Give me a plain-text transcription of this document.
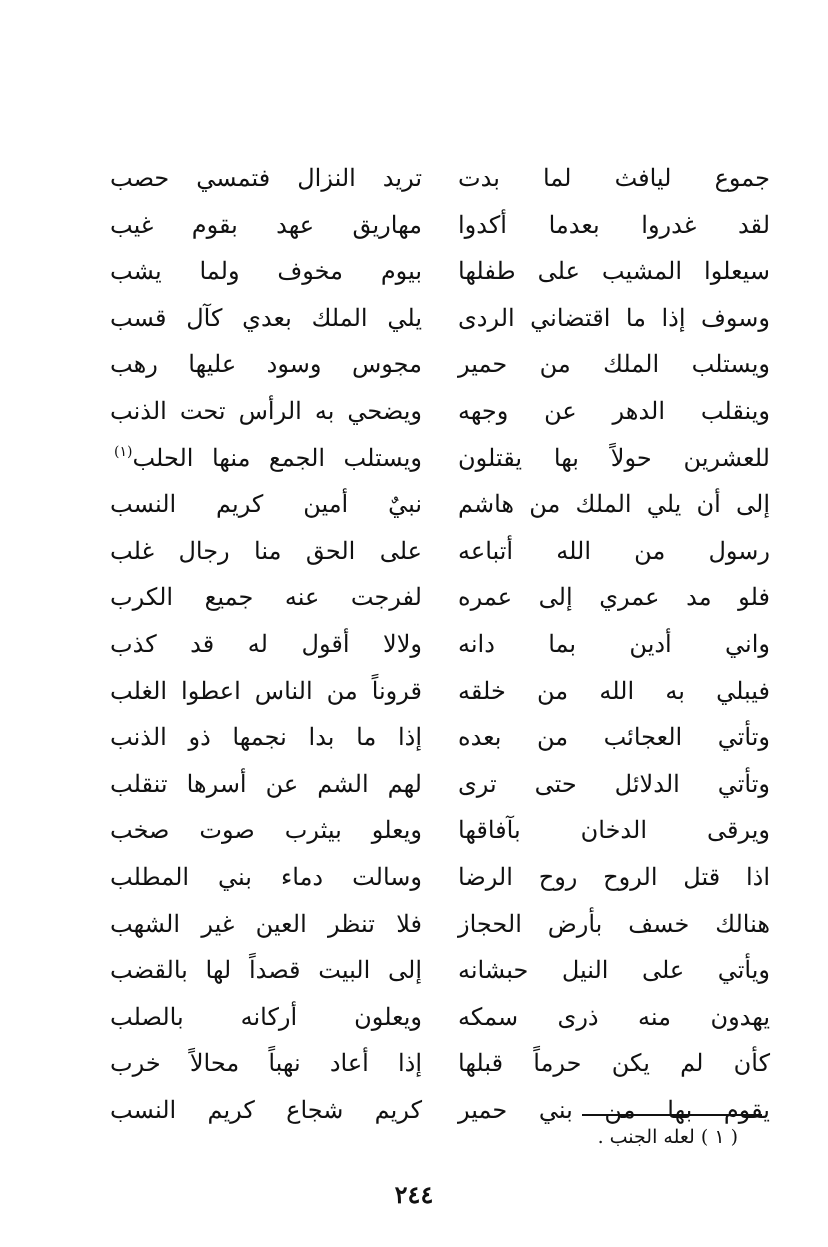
جموع لیافث لما بدت
ترید النزال فتمسي حصب
لقد غدروا بعدما أكدوا
مهاریق عهد بقوم غیب
سیعلوا المشیب علی طفلها
بیوم مخوف ولما یشب
وسوف إذا ما اقتضاني الردی
یلي الملك بعدي كآل قسب
ویستلب الملك من حمیر
مجوس وسود علیها رهب
وینقلب الدهر عن وجهه
ویضحي به الرأس تحت الذنب
للعشرین حولاً بها یقتلون
ویستلب الجمع منها الحلب$^{(١)}$
إلی أن یلي الملك من هاشم
نبيٌ أمین كریم النسب
رسول من الله أتباعه
علی الحق منا رجال غلب
فلو مد عمري إلی عمره
لفرجت عنه جمیع الكرب
واني أدین بما دانه
ولالا أقول له قد كذب
فیبلي به الله من خلقه
قروناً من الناس اعطوا الغلب
وتأتي العجائب من بعده
إذا ما بدا نجمها ذو الذنب
وتأتي الدلائل حتی تری
لهم الشم عن أسرها تنقلب
ویرقی الدخان بآفاقها
ویعلو بیثرب صوت صخب
اذا قتل الروح روح الرضا
وسالت دماء بني المطلب
هنالك خسف بأرض الحجاز
فلا تنظر العین غیر الشهب
ویأتي علی النیل حبشانه
إلی البیت قصداً لها بالقضب
یهدون منه ذری سمكه
ویعلون أركانه بالصلب
كأن لم یكن حرماً قبلها
إذا أعاد نهباً محالاً خرب
یقوم بها من بني حمیر
كریم شجاع كریم النسب
( ١ ) لعله الجنب .
٢٤٤
